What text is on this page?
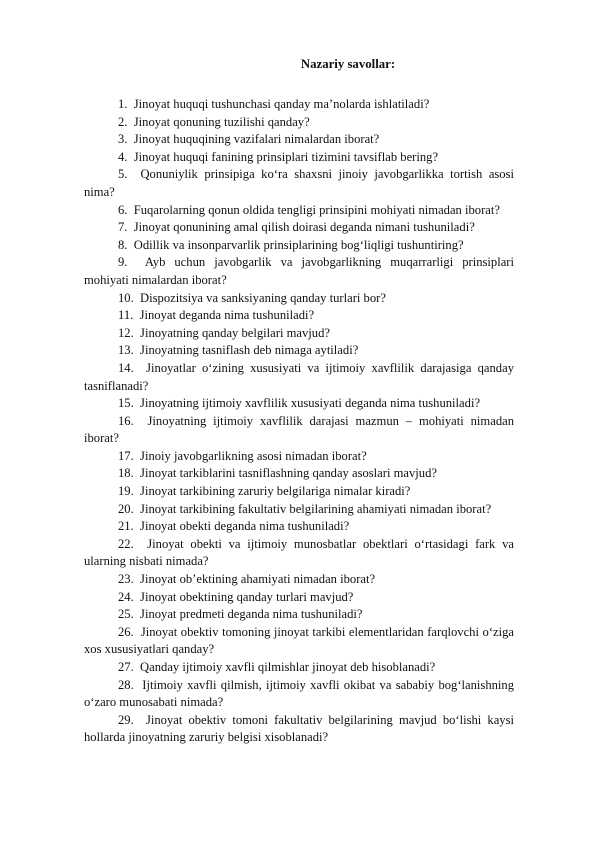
Nazariy savollar:

1. Jinoyat huquqi tushunchasi qanday ma’nolarda ishlatiladi?

2. Jinoyat qonuning tuzilishi qanday?

3. Jinoyat huquqining vazifalari nimalardan iborat?

4. Jinoyat huquqi fanining prinsiplari tizimini tavsiflab bering?

5. Qonuniylik prinsipiga ko‘ra shaxsni jinoiy javobgarlikka tortish asosi nima?

6. Fuqarolarning qonun oldida tengligi prinsipini mohiyati nimadan iborat?

7. Jinoyat qonunining amal qilish doirasi deganda nimani tushuniladi?

8. Odillik va insonparvarlik prinsiplarining bog‘liqligi tushuntiring?

9. Ayb uchun javobgarlik va javobgarlikning muqarrarligi prinsiplari mohiyati nimalardan iborat?

10. Dispozitsiya va sanksiyaning qanday turlari bor?

11. Jinoyat deganda nima tushuniladi?

12. Jinoyatning qanday belgilari mavjud?

13. Jinoyatning tasniflash deb nimaga aytiladi?

14. Jinoyatlar o‘zining xususiyati va ijtimoiy xavflilik darajasiga qanday tasniflanadi?

15. Jinoyatning ijtimoiy xavflilik xususiyati deganda nima tushuniladi?

16. Jinoyatning ijtimoiy xavflilik darajasi mazmun – mohiyati nimadan iborat?

17. Jinoiy javobgarlikning asosi nimadan iborat?

18. Jinoyat tarkiblarini tasniflashning qanday asoslari mavjud?

19. Jinoyat tarkibining zaruriy belgilariga nimalar kiradi?

20. Jinoyat tarkibining fakultativ belgilarining ahamiyati nimadan iborat?

21. Jinoyat obekti deganda nima tushuniladi?

22. Jinoyat obekti va ijtimoiy munosbatlar obektlari o‘rtasidagi fark va ularning nisbati nimada?

23. Jinoyat ob’ektining ahamiyati nimadan iborat?

24. Jinoyat obektining qanday turlari mavjud?

25. Jinoyat predmeti deganda nima tushuniladi?

26. Jinoyat obektiv tomoning jinoyat tarkibi elementlaridan farqlovchi o‘ziga xos xususiyatlari qanday?

27. Qanday ijtimoiy xavfli qilmishlar jinoyat deb hisoblanadi?

28. Ijtimoiy xavfli qilmish, ijtimoiy xavfli okibat va sababiy bog‘lanishning o‘zaro munosabati nimada?

29. Jinoyat obektiv tomoni fakultativ belgilarining mavjud bo‘lishi kaysi hollarda jinoyatning zaruriy belgisi xisoblanadi?
